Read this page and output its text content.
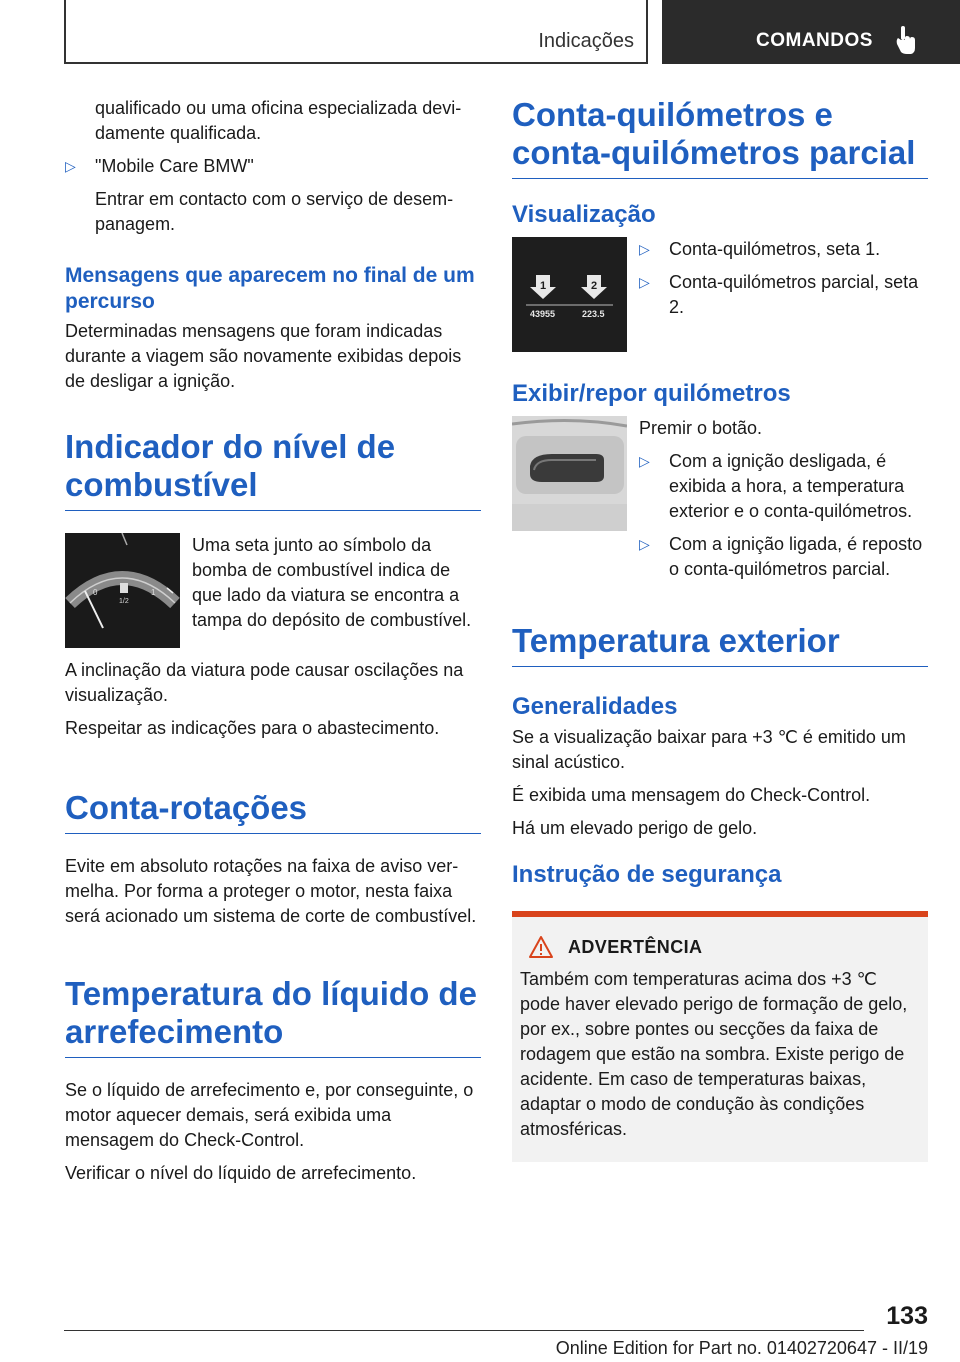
Indicações	COMANDOS

qualificado ou uma oficina especializada devidamente qualificada.

▷ "Mobile Care BMW"

Entrar em contacto com o serviço de desempanagem.

Mensagens que aparecem no final de um percurso

Determinadas mensagens que foram indicadas durante a viagem são novamente exibidas depois de desligar a ignição.

Indicador do nível de combustível
0
1/2
1

Uma seta junto ao símbolo da bomba de combustível indica de que lado da viatura se encontra a tampa do depósito de combustível.

A inclinação da viatura pode causar oscilações na visualização.

Respeitar as indicações para o abastecimento.

Conta-rotações

Evite em absoluto rotações na faixa de aviso vermelha. Por forma a proteger o motor, nesta faixa será acionado um sistema de corte de combustível.

Temperatura do líquido de arrefecimento

Se o líquido de arrefecimento e, por conseguinte, o motor aquecer demais, será exibida uma mensagem do Check-Control.

Verificar o nível do líquido de arrefecimento.

Conta-quilómetros e conta-quilómetros parcial
Visualização
1	2
43955	223.5
▷ Conta-quilómetros, seta 1.
▷ Conta-quilómetros parcial, seta 2.
Exibir/repor quilómetros

Premir o botão.

▷ Com a ignição desligada, é exibida a hora, a temperatura exterior e o conta-quilómetros.
▷ Com a ignição ligada, é reposto o conta-quilómetros parcial.
Temperatura exterior
Generalidades

Se a visualização baixar para +3 ℃ é emitido um sinal acústico.

É exibida uma mensagem do Check-Control.

Há um elevado perigo de gelo.

Instrução de segurança
ADVERTÊNCIA

Também com temperaturas acima dos +3 ℃ pode haver elevado perigo de formação de gelo, por ex., sobre pontes ou secções da faixa de rodagem que estão na sombra. Existe perigo de acidente. Em caso de temperaturas baixas, adaptar o modo de condução às condições atmosféricas.

133
Online Edition for Part no. 01402720647 - II/19
